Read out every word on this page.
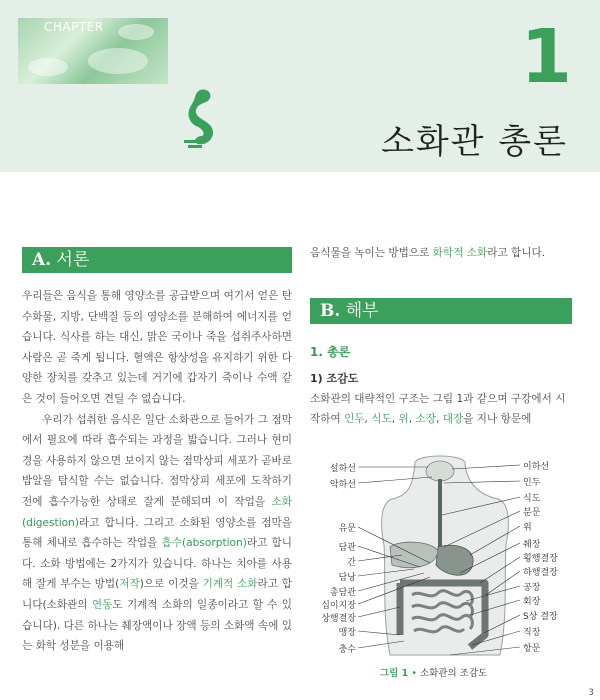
CHAPTER	1
소화관 총론
A. 서론

우리들은 음식을 통해 영양소를 공급받으며 여기서 얻은 탄수화물, 지방, 단백질 등의 영양소를 분해하여 에너지를 얻습니다. 식사를 하는 대신, 맑은 국이나 죽을 섭취주사하면 사람은 곧 죽게 됩니다. 혈액은 항상성을 유지하기 위한 다양한 장치를 갖추고 있는데 거기에 갑자기 죽이나 수액 같은 것이 들어오면 견딜 수 없습니다.

우리가 섭취한 음식은 일단 소화관으로 들어가 그 점막에서 필요에 따라 흡수되는 과정을 밟습니다. 그러나 현미경을 사용하지 않으면 보이지 않는 점막상피 세포가 곧바로 밥알을 탐식할 수는 없습니다. 점막상피 세포에 도착하기 전에 흡수가능한 상태로 잘게 분해되며 이 작업을 소화(digestion)라고 합니다. 그리고 소화된 영양소를 점막을 통해 체내로 흡수하는 작업을 흡수(absorption)라고 합니다. 소화 방법에는 2가지가 있습니다. 하나는 치아를 사용해 잘게 부수는 방법(저작)으로 이것을 기계적 소화라고 합니다(소화관의 연동도 기계적 소화의 일종이라고 할 수 있습니다). 다른 하나는 췌장액이나 장액 등의 소화액 속에 있는 화학 성분을 이용해

음식물을 녹이는 방법으로 화학적 소화라고 합니다.

B. 해부
1. 총론
1) 조감도

소화관의 대략적인 구조는 그림 1과 같으며 구강에서 시작하여 인두, 식도, 위, 소장, 대장을 지나 항문에

설하선
악하선
유문
담관
간
담낭
총담관
십이지장
상행결장
맹장
충수
이하선
인두
식도
분문
위
췌장
횡행결장
하행결장
공장
회장
S상 결장
직장
항문
그림 1 • 소화관의 조감도
3
